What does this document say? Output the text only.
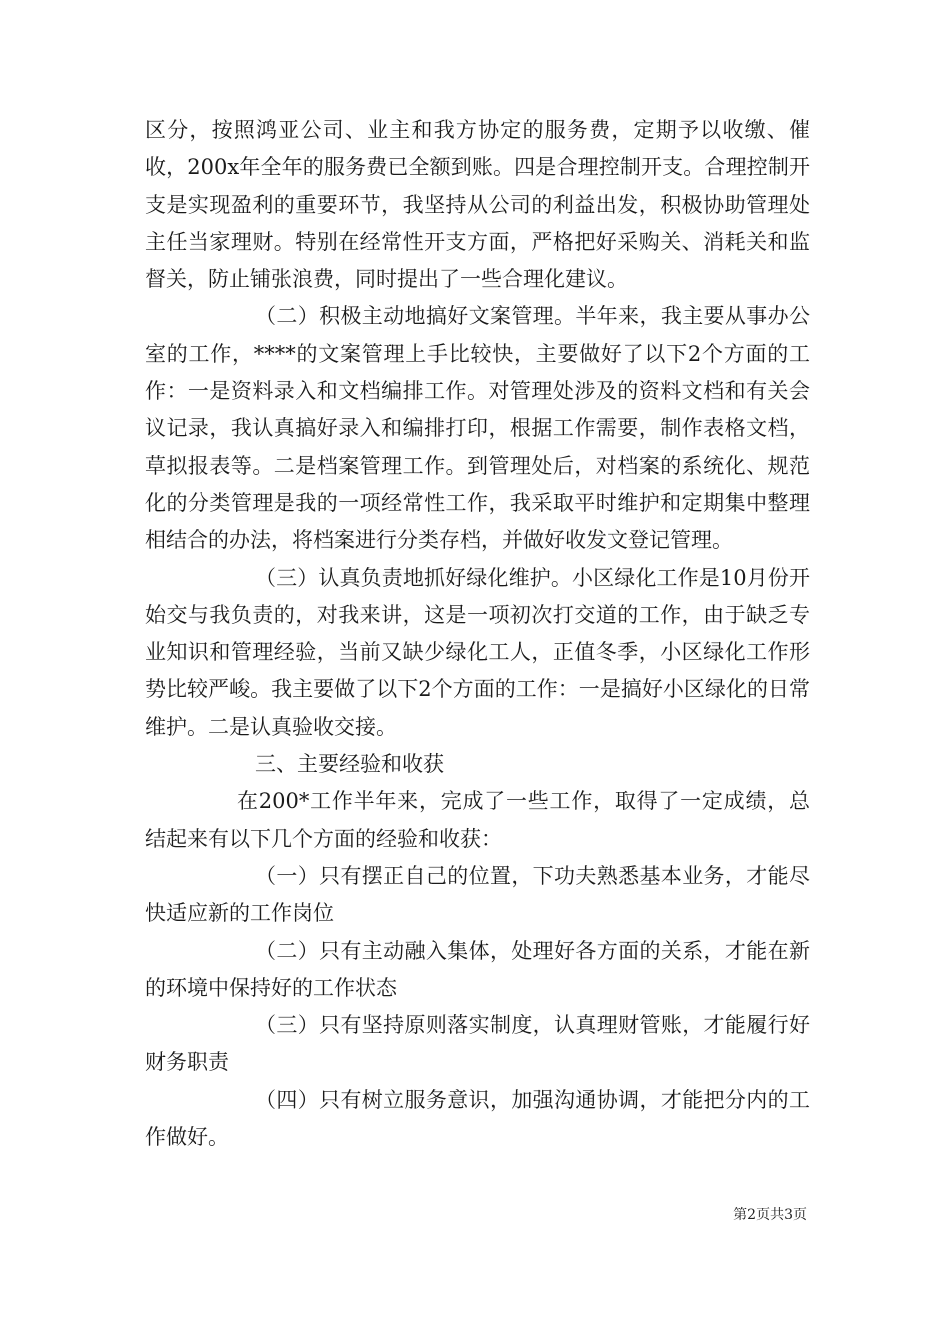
区分，按照鸿亚公司、业主和我方协定的服务费，定期予以收缴、催收，200x年全年的服务费已全额到账。四是合理控制开支。合理控制开支是实现盈利的重要环节，我坚持从公司的利益出发，积极协助管理处主任当家理财。特别在经常性开支方面，严格把好采购关、消耗关和监督关，防止铺张浪费，同时提出了一些合理化建议。

（二）积极主动地搞好文案管理。半年来，我主要从事办公室的工作，****的文案管理上手比较快，主要做好了以下2个方面的工作：一是资料录入和文档编排工作。对管理处涉及的资料文档和有关会议记录，我认真搞好录入和编排打印，根据工作需要，制作表格文档，草拟报表等。二是档案管理工作。到管理处后，对档案的系统化、规范化的分类管理是我的一项经常性工作，我采取平时维护和定期集中整理相结合的办法，将档案进行分类存档，并做好收发文登记管理。

（三）认真负责地抓好绿化维护。小区绿化工作是10月份开始交与我负责的，对我来讲，这是一项初次打交道的工作，由于缺乏专业知识和管理经验，当前又缺少绿化工人，正值冬季，小区绿化工作形势比较严峻。我主要做了以下2个方面的工作：一是搞好小区绿化的日常维护。二是认真验收交接。

三、主要经验和收获

在200*工作半年来，完成了一些工作，取得了一定成绩，总结起来有以下几个方面的经验和收获：

（一）只有摆正自己的位置，下功夫熟悉基本业务，才能尽快适应新的工作岗位

（二）只有主动融入集体，处理好各方面的关系，才能在新的环境中保持好的工作状态

（三）只有坚持原则落实制度，认真理财管账，才能履行好财务职责

（四）只有树立服务意识，加强沟通协调，才能把分内的工作做好。

第2页共3页
